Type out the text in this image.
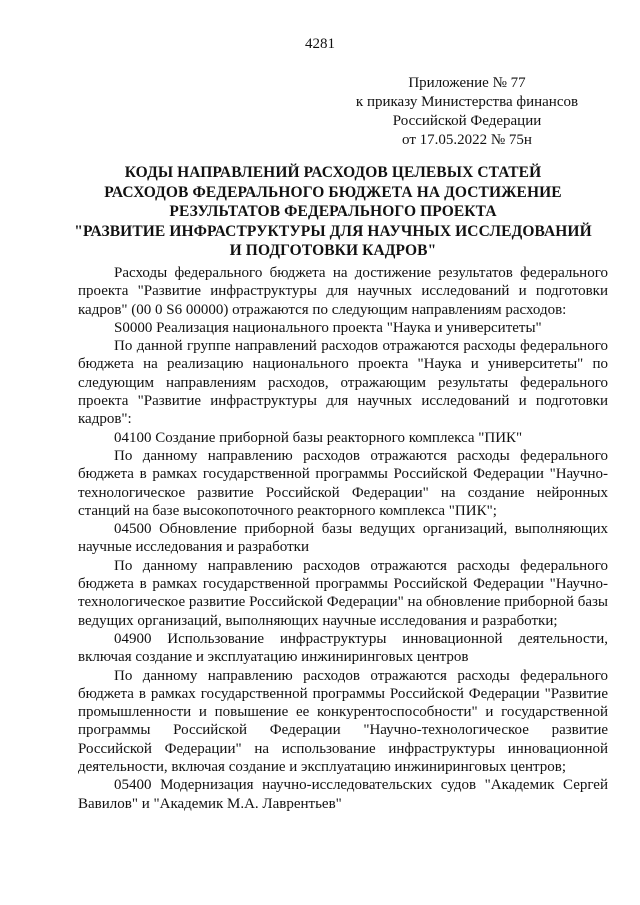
4281
Приложение № 77
к приказу Министерства финансов
Российской Федерации
от 17.05.2022 № 75н
КОДЫ НАПРАВЛЕНИЙ РАСХОДОВ ЦЕЛЕВЫХ СТАТЕЙ
РАСХОДОВ ФЕДЕРАЛЬНОГО БЮДЖЕТА НА ДОСТИЖЕНИЕ
РЕЗУЛЬТАТОВ ФЕДЕРАЛЬНОГО ПРОЕКТА
"РАЗВИТИЕ ИНФРАСТРУКТУРЫ ДЛЯ НАУЧНЫХ ИССЛЕДОВАНИЙ
И ПОДГОТОВКИ КАДРОВ"

Расходы федерального бюджета на достижение результатов федерального проекта "Развитие инфраструктуры для научных исследований и подготовки кадров" (00 0 S6 00000) отражаются по следующим направлениям расходов:

S0000 Реализация национального проекта "Наука и университеты"

По данной группе направлений расходов отражаются расходы федерального бюджета на реализацию национального проекта "Наука и университеты" по следующим направлениям расходов, отражающим результаты федерального проекта "Развитие инфраструктуры для научных исследований и подготовки кадров":

04100 Создание приборной базы реакторного комплекса "ПИК"

По данному направлению расходов отражаются расходы федерального бюджета в рамках государственной программы Российской Федерации "Научно-технологическое развитие Российской Федерации" на создание нейронных станций на базе высокопоточного реакторного комплекса "ПИК";

04500 Обновление приборной базы ведущих организаций, выполняющих научные исследования и разработки

По данному направлению расходов отражаются расходы федерального бюджета в рамках государственной программы Российской Федерации "Научно-технологическое развитие Российской Федерации" на обновление приборной базы ведущих организаций, выполняющих научные исследования и разработки;

04900 Использование инфраструктуры инновационной деятельности, включая создание и эксплуатацию инжиниринговых центров

По данному направлению расходов отражаются расходы федерального бюджета в рамках государственной программы Российской Федерации "Развитие промышленности и повышение ее конкурентоспособности" и государственной программы Российской Федерации "Научно-технологическое развитие Российской Федерации" на использование инфраструктуры инновационной деятельности, включая создание и эксплуатацию инжиниринговых центров;

05400 Модернизация научно-исследовательских судов "Академик Сергей Вавилов" и "Академик М.А. Лаврентьев"
